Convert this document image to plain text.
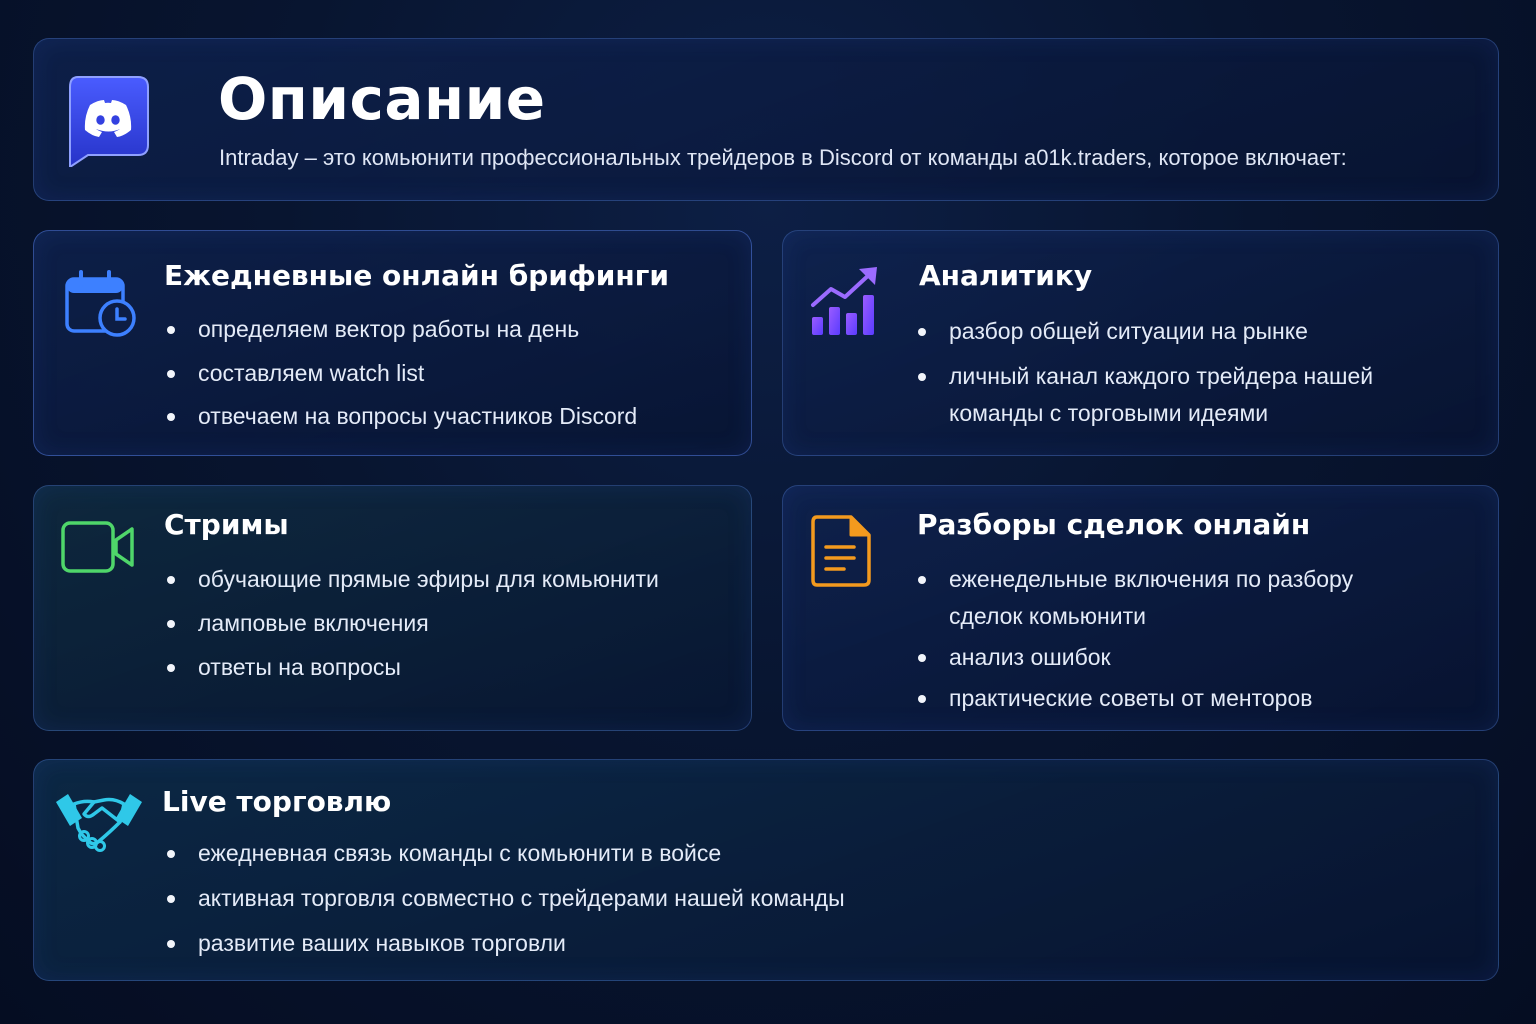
Описание

Intraday – это комьюнити профессиональных трейдеров в Discord от команды a01k.traders, которое включает:

Ежедневные онлайн брифинги
определяем вектор работы на день
составляем watch list
отвечаем на вопросы участников Discord
Аналитику
разбор общей ситуации на рынке
личный канал каждого трейдера нашей
команды с торговыми идеями
Стримы
обучающие прямые эфиры для комьюнити
ламповые включения
ответы на вопросы
Разборы сделок онлайн
еженедельные включения по разбору
сделок комьюнити
анализ ошибок
практические советы от менторов
Live торговлю
ежедневная связь команды с комьюнити в войсе
активная торговля совместно с трейдерами нашей команды
развитие ваших навыков торговли
